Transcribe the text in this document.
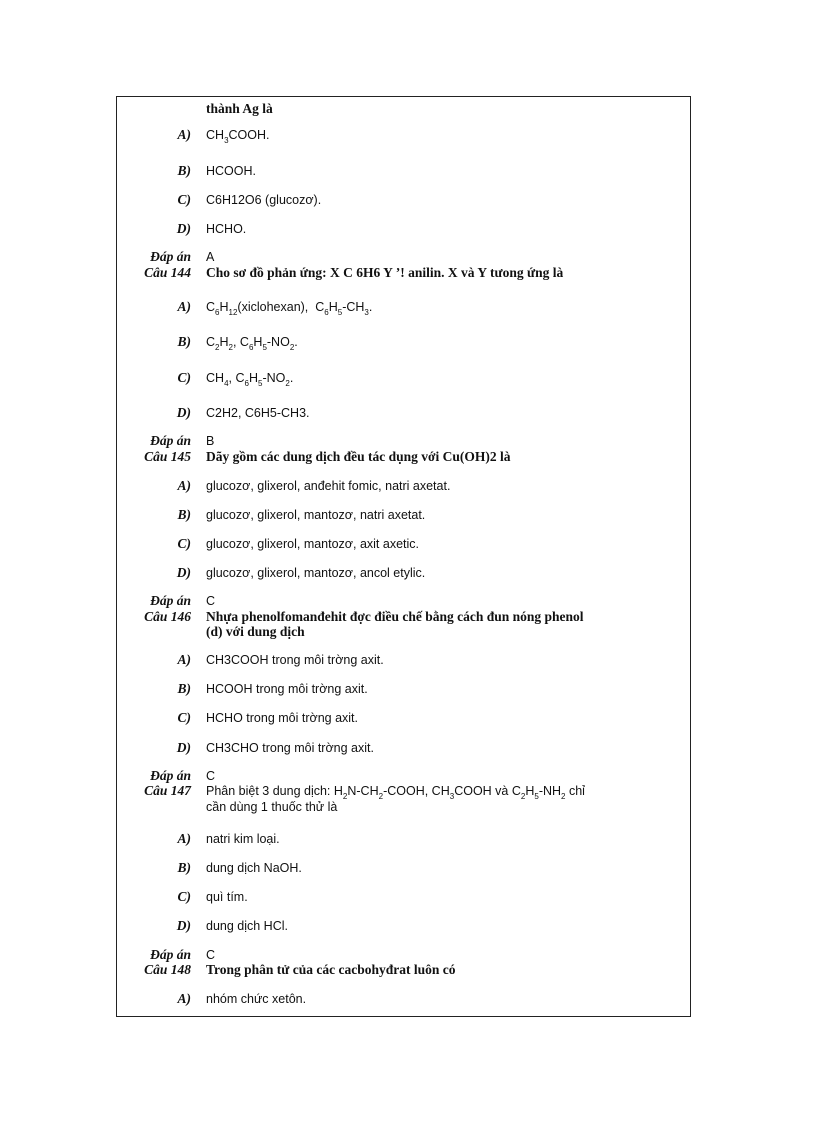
thành Ag là
A) $CH_3COOH$.
B) HCOOH.
C) C6H12O6 (glucozơ).
D) HCHO.
Đáp án A
Câu 144 Cho sơ đồ phản ứng: X C 6H6 Y ’! anilin. X và Y tưong ứng là
A) $C_6H_{12}(xiclohexan)$,  $C_6H_5-CH_3$.
B) $C_2H_2$, $C_6H_5-NO_2$.
C) $CH_4$, $C_6H_5-NO_2$.
D) C2H2, C6H5-CH3.
Đáp án B
Câu 145 Dãy gồm các dung dịch đều tác dụng với Cu(OH)2 là
A) glucozơ, glixerol, anđehit fomic, natri axetat.
B) glucozơ, glixerol, mantozơ, natri axetat.
C) glucozơ, glixerol, mantozơ, axit axetic.
D) glucozơ, glixerol, mantozơ, ancol etylic.
Đáp án C
Câu 146 Nhựa phenolfomanđehit đợc điều chế bằng cách đun nóng phenol
(d) với dung dịch
A) CH3COOH trong môi trờng axit.
B) HCOOH trong môi trờng axit.
C) HCHO trong môi trờng axit.
D) CH3CHO trong môi trờng axit.
Đáp án C
Câu 147 Phân biệt 3 dung dịch: $H_2N-CH_2$-COOH, $CH_3COOH$ và $C_2H_5-NH_2$ chỉ
cần dùng 1 thuốc thử là
A) natri kim loại.
B) dung dịch NaOH.
C) quì tím.
D) dung dịch HCl.
Đáp án C
Câu 148 Trong phân tử của các cacbohyđrat luôn có
A) nhóm chức xetôn.
